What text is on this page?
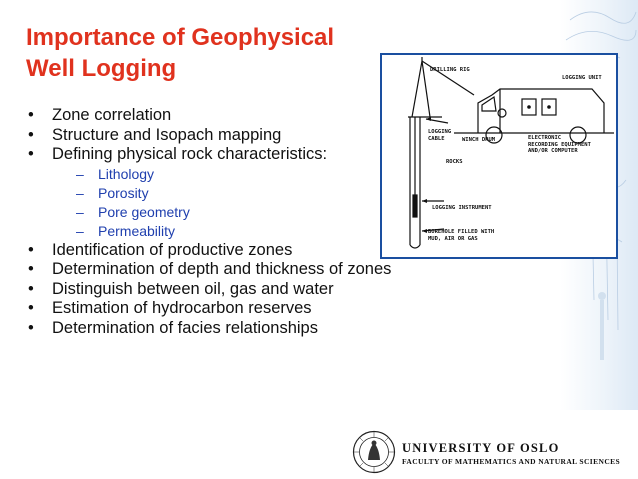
Importance of Geophysical
Well Logging
• Zone correlation
• Structure and Isopach mapping
• Defining physical rock characteristics:
– Lithology
– Porosity
– Pore geometry
– Permeability
• Identification of productive zones
• Determination of depth and thickness of zones
• Distinguish between oil, gas and water
• Estimation of hydrocarbon reserves
• Determination of facies relationships
DRILLING RIG
LOGGING UNIT
LOGGING
CABLE	WINCH DRUM	ELECTRONIC
RECORDING EQUIPMENT
AND/OR COMPUTER
ROCKS
LOGGING INSTRUMENT
BOREHOLE FILLED WITH
MUD, AIR OR GAS

UNIVERSITY OF OSLO

FACULTY OF MATHEMATICS AND NATURAL SCIENCES
